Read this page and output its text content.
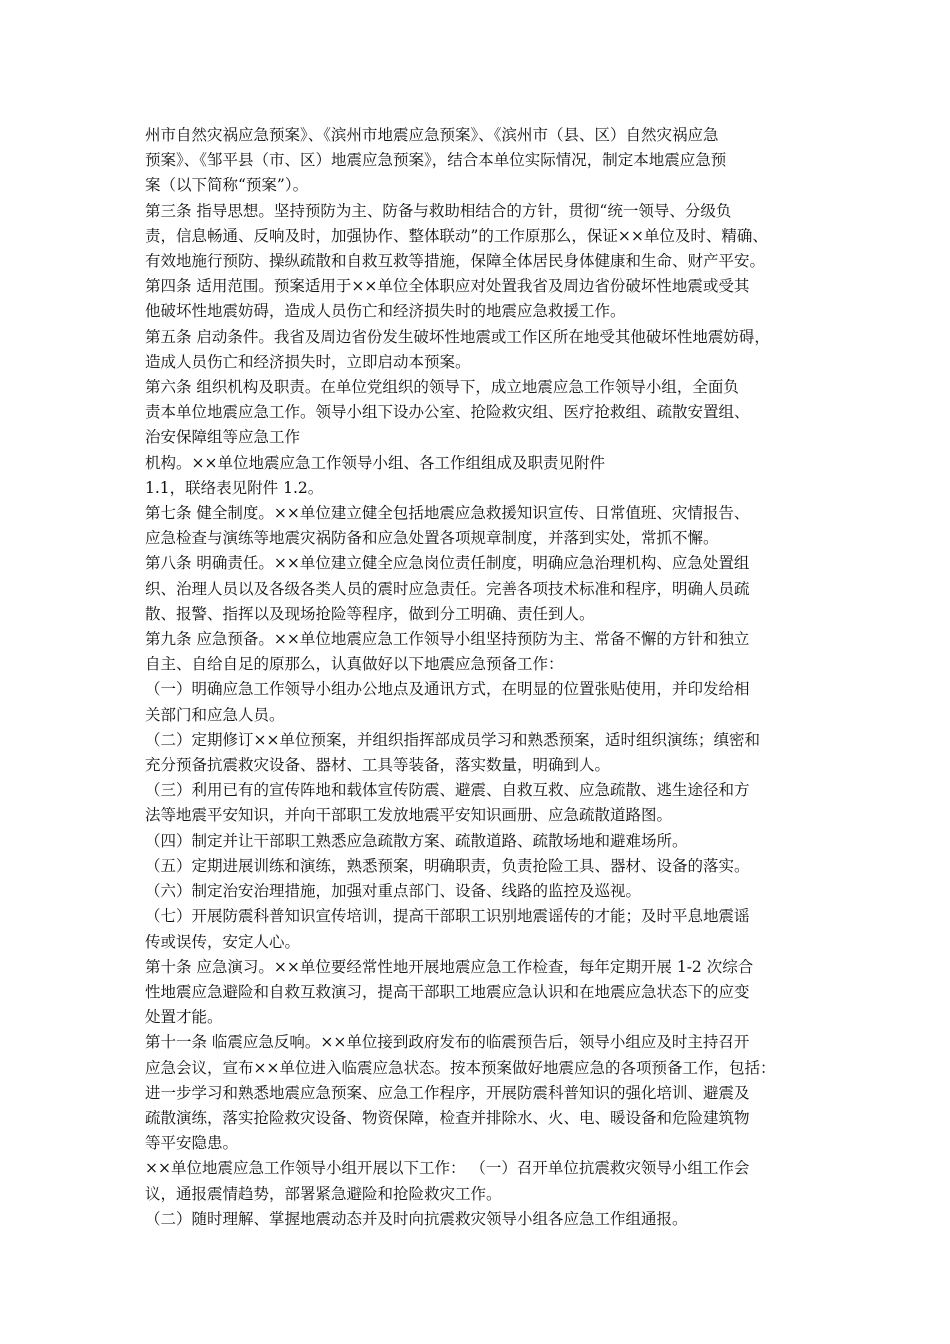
州市自然灾祸应急预案》、《滨州市地震应急预案》、《滨州市（县、区）自然灾祸应急

预案》、《邹平县（市、区）地震应急预案》，结合本单位实际情况，制定本地震应急预

案（以下简称“预案”）。

第三条 指导思想。坚持预防为主、防备与救助相结合的方针，贯彻“统一领导、分级负

责，信息畅通、反响及时，加强协作、整体联动”的工作原那么，保证××单位及时、精确、

有效地施行预防、操纵疏散和自救互救等措施，保障全体居民身体健康和生命、财产平安。

第四条 适用范围。预案适用于××单位全体职应对处置我省及周边省份破坏性地震或受其

他破坏性地震妨碍，造成人员伤亡和经济损失时的地震应急救援工作。

第五条 启动条件。我省及周边省份发生破坏性地震或工作区所在地受其他破坏性地震妨碍，

造成人员伤亡和经济损失时，立即启动本预案。

第六条 组织机构及职责。在单位党组织的领导下，成立地震应急工作领导小组，全面负

责本单位地震应急工作。领导小组下设办公室、抢险救灾组、医疗抢救组、疏散安置组、

治安保障组等应急工作

机构。××单位地震应急工作领导小组、各工作组组成及职责见附件

1.1，联络表见附件 1.2。

第七条 健全制度。××单位建立健全包括地震应急救援知识宣传、日常值班、灾情报告、

应急检查与演练等地震灾祸防备和应急处置各项规章制度，并落到实处，常抓不懈。

第八条 明确责任。××单位建立健全应急岗位责任制度，明确应急治理机构、应急处置组

织、治理人员以及各级各类人员的震时应急责任。完善各项技术标准和程序，明确人员疏

散、报警、指挥以及现场抢险等程序，做到分工明确、责任到人。

第九条 应急预备。××单位地震应急工作领导小组坚持预防为主、常备不懈的方针和独立

自主、自给自足的原那么，认真做好以下地震应急预备工作：

（一）明确应急工作领导小组办公地点及通讯方式，在明显的位置张贴使用，并印发给相

关部门和应急人员。

（二）定期修订××单位预案，并组织指挥部成员学习和熟悉预案，适时组织演练；缜密和

充分预备抗震救灾设备、器材、工具等装备，落实数量，明确到人。

（三）利用已有的宣传阵地和载体宣传防震、避震、自救互救、应急疏散、逃生途径和方

法等地震平安知识，并向干部职工发放地震平安知识画册、应急疏散道路图。

（四）制定并让干部职工熟悉应急疏散方案、疏散道路、疏散场地和避难场所。

（五）定期进展训练和演练，熟悉预案，明确职责，负责抢险工具、器材、设备的落实。

（六）制定治安治理措施，加强对重点部门、设备、线路的监控及巡视。

（七）开展防震科普知识宣传培训，提高干部职工识别地震谣传的才能；及时平息地震谣

传或误传，安定人心。

第十条 应急演习。××单位要经常性地开展地震应急工作检查，每年定期开展 1-2 次综合

性地震应急避险和自救互救演习，提高干部职工地震应急认识和在地震应急状态下的应变

处置才能。

第十一条 临震应急反响。××单位接到政府发布的临震预告后，领导小组应及时主持召开

应急会议，宣布××单位进入临震应急状态。按本预案做好地震应急的各项预备工作，包括：

进一步学习和熟悉地震应急预案、应急工作程序，开展防震科普知识的强化培训、避震及

疏散演练，落实抢险救灾设备、物资保障，检查并排除水、火、电、暖设备和危险建筑物

等平安隐患。

××单位地震应急工作领导小组开展以下工作： （一）召开单位抗震救灾领导小组工作会

议，通报震情趋势，部署紧急避险和抢险救灾工作。

（二）随时理解、掌握地震动态并及时向抗震救灾领导小组各应急工作组通报。
